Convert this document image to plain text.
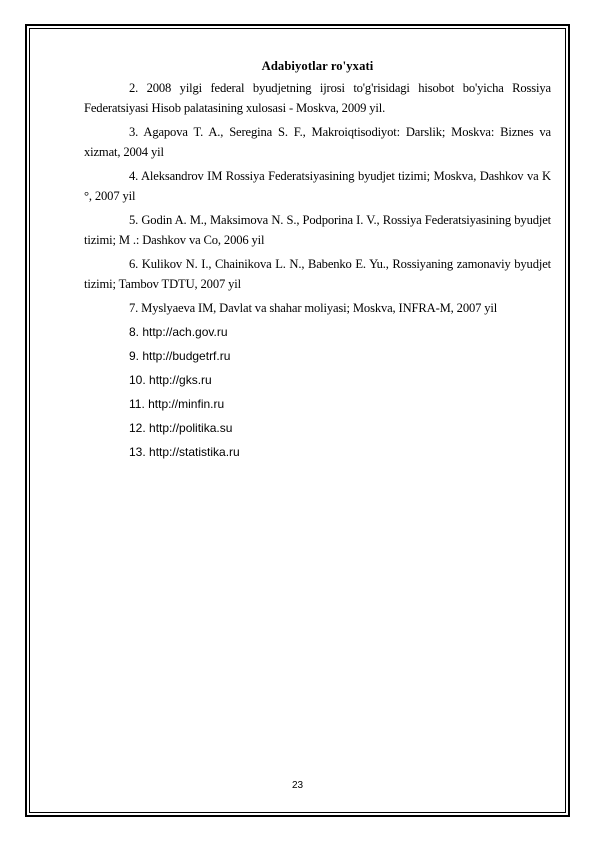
Adabiyotlar ro'yxati

2. 2008 yilgi federal byudjetning ijrosi to'g'risidagi hisobot bo'yicha Rossiya Federatsiyasi Hisob palatasining xulosasi - Moskva, 2009 yil.

3. Agapova T. A., Seregina S. F., Makroiqtisodiyot: Darslik; Moskva: Biznes va xizmat, 2004 yil

4. Aleksandrov IM Rossiya Federatsiyasining byudjet tizimi; Moskva, Dashkov va K °, 2007 yil

5. Godin A. M., Maksimova N. S., Podporina I. V., Rossiya Federatsiyasining byudjet tizimi; M .: Dashkov va Co, 2006 yil

6. Kulikov N. I., Chainikova L. N., Babenko E. Yu., Rossiyaning zamonaviy byudjet tizimi; Tambov TDTU, 2007 yil

7. Myslyaeva IM, Davlat va shahar moliyasi; Moskva, INFRA-M, 2007 yil

8. http://ach.gov.ru
9. http://budgetrf.ru
10. http://gks.ru
11. http://minfin.ru
12. http://politika.su
13. http://statistika.ru
23
